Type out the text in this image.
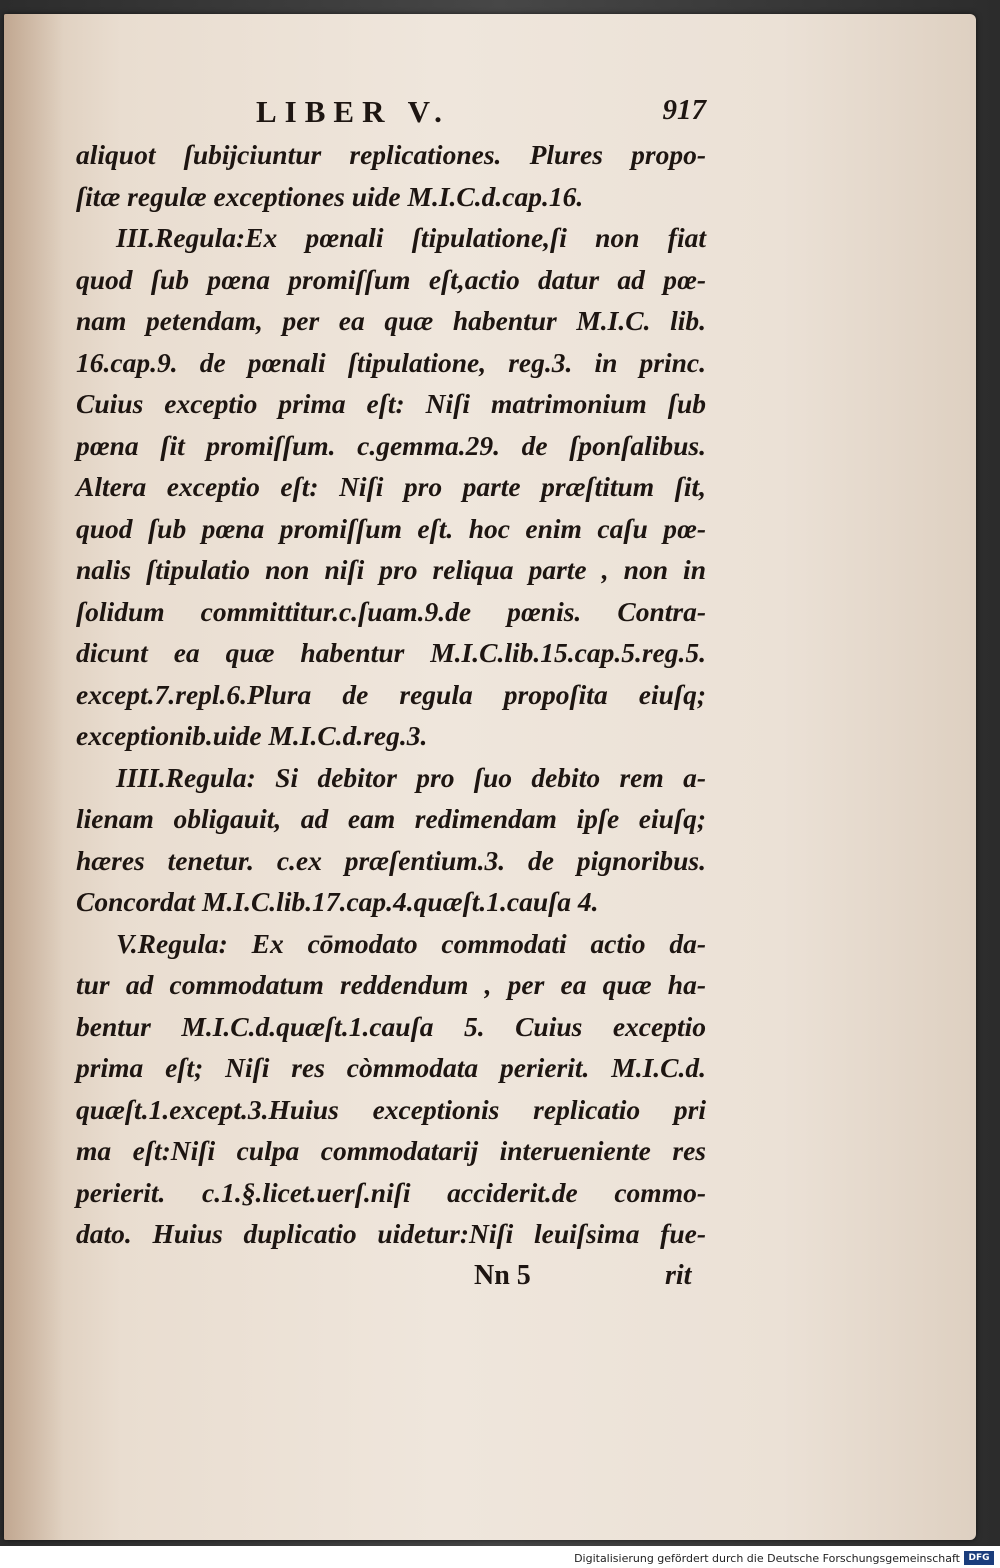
LIBER V.	917
aliquot ſubijciuntur replicationes. Plures propo-
ſitæ regulæ exceptiones uide M.I.C.d.cap.16.
III.Regula:Ex pœnali ſtipulatione,ſi non fiat
quod ſub pœna promiſſum eſt,actio datur ad pœ-
nam petendam, per ea quæ habentur M.I.C. lib.
16.cap.9. de pœnali ſtipulatione, reg.3. in princ.
Cuius exceptio prima eſt: Niſi matrimonium ſub
pœna ſit promiſſum. c.gemma.29. de ſponſalibus.
Altera exceptio eſt: Niſi pro parte præſtitum ſit,
quod ſub pœna promiſſum eſt. hoc enim caſu pœ-
nalis ſtipulatio non niſi pro reliqua parte , non in
ſolidum committitur.c.ſuam.9.de pœnis. Contra-
dicunt ea quæ habentur M.I.C.lib.15.cap.5.reg.5.
except.7.repl.6.Plura de regula propoſita eiuſq;
exceptionib.uide M.I.C.d.reg.3.
IIII.Regula: Si debitor pro ſuo debito rem a-
lienam obligauit, ad eam redimendam ipſe eiuſq;
hæres tenetur. c.ex præſentium.3. de pignoribus.
Concordat M.I.C.lib.17.cap.4.quæſt.1.cauſa 4.
V.Regula: Ex cōmodato commodati actio da-
tur ad commodatum reddendum , per ea quæ ha-
bentur M.I.C.d.quæſt.1.cauſa 5. Cuius exceptio
prima eſt; Niſi res còmmodata perierit. M.I.C.d.
quæſt.1.except.3.Huius exceptionis replicatio pri
ma eſt:Niſi culpa commodatarij interueniente res
perierit. c.1.§.licet.uerſ.niſi acciderit.de commo-
dato. Huius duplicatio uidetur:Niſi leuiſsima fue-
Nn 5	rit
Digitalisierung gefördert durch die Deutsche Forschungsgemeinschaft DFG
